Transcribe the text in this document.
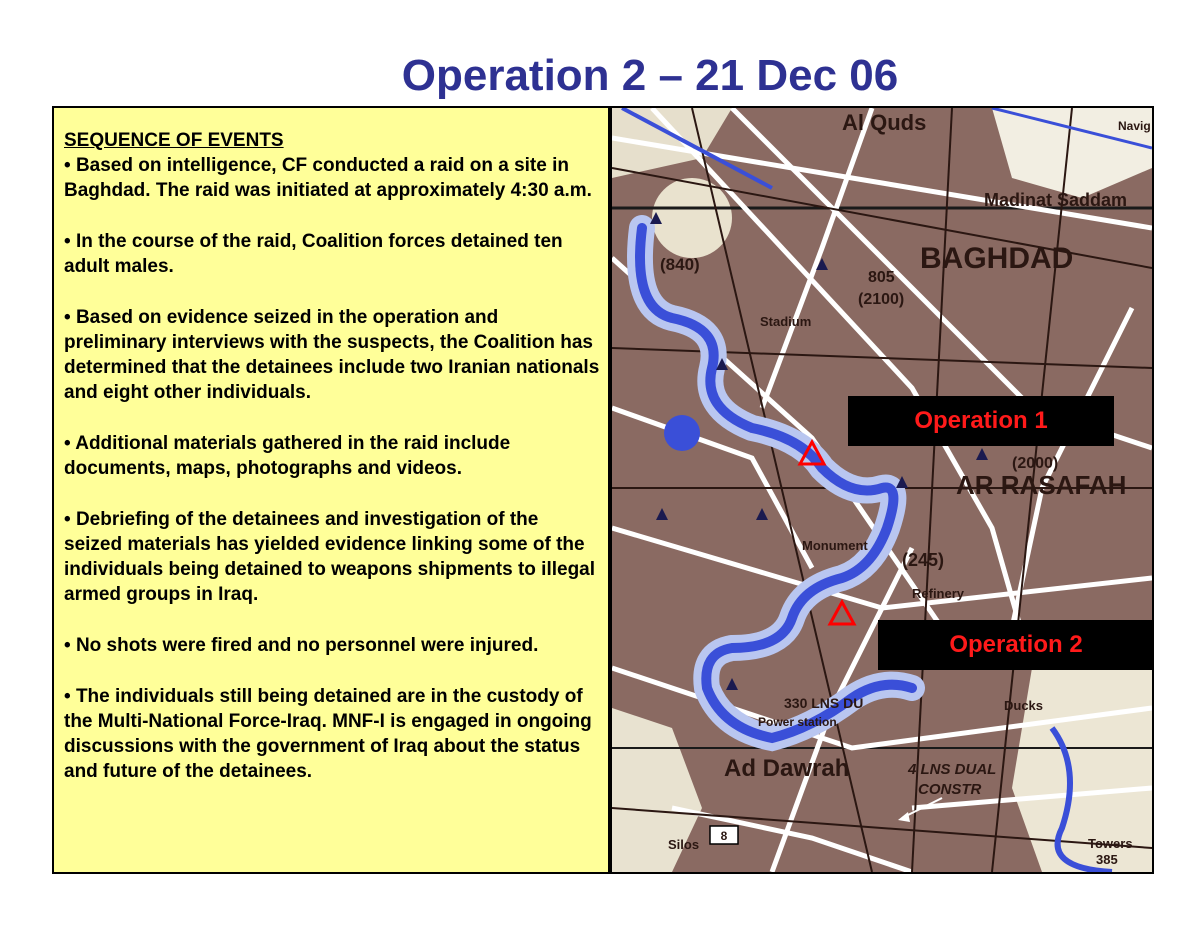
Operation 2 – 21 Dec 06

SEQUENCE OF EVENTS

• Based on intelligence, CF conducted a raid on a site in Baghdad. The raid was initiated at approximately 4:30 a.m.
• In the course of the raid, Coalition forces detained ten adult males.
• Based on evidence seized in the operation and preliminary interviews with the suspects, the Coalition has determined that the detainees include two Iranian nationals and eight other individuals.
• Additional materials gathered in the raid include documents, maps, photographs and videos.
• Debriefing of the detainees and investigation of the seized materials has yielded evidence linking some of the individuals being detained to weapons shipments to illegal armed groups in Iraq.
• No shots were fired and no personnel were injured.
• The individuals still being detained are in the custody of the Multi-National Force-Iraq. MNF-I is engaged in ongoing discussions with the government of Iraq about the status and future of the detainees.
Al Quds
Madinat Saddam
BAGHDAD
AR RASAFAH
Ad Dawrah	4 LNS DUAL
CONSTR
Stadium
Monument
Power station
Silos	Towers
385
(840)
805
(2100)
(245)
(2000)
330 LNS DU
8
Refinery
Ducks
Navig
Operation 1
Operation 2
